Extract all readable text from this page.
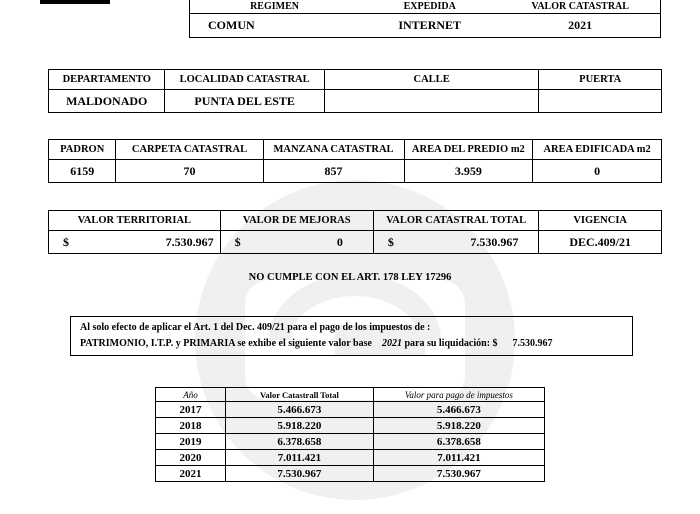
REGIMEN	EXPEDIDA	VALOR CATASTRAL
COMUN	INTERNET	2021
DEPARTAMENTO	LOCALIDAD CATASTRAL	CALLE	PUERTA
MALDONADO	PUNTA DEL ESTE		
PADRON	CARPETA CATASTRAL	MANZANA CATASTRAL	AREA DEL PREDIO m2	AREA EDIFICADA m2
6159	70	857	3.959	0
VALOR TERRITORIAL		VALOR DE MEJORAS		VALOR CATASTRAL TOTAL		VIGENCIA
$	7.530.967	$	0	$	7.530.967	DEC.409/21
NO CUMPLE CON EL ART. 178 LEY 17296
Al solo efecto de aplicar el Art. 1 del Dec. 409/21 para el pago de los impuestos de :
PATRIMONIO, I.T.P. y PRIMARIA se exhibe el siguiente valor base 2021 para su liquidación: $ 7.530.967
Año	Valor Catastrall Total	Valor para pago de impuestos
2017	5.466.673	5.466.673
2018	5.918.220	5.918.220
2019	6.378.658	6.378.658
2020	7.011.421	7.011.421
2021	7.530.967	7.530.967
